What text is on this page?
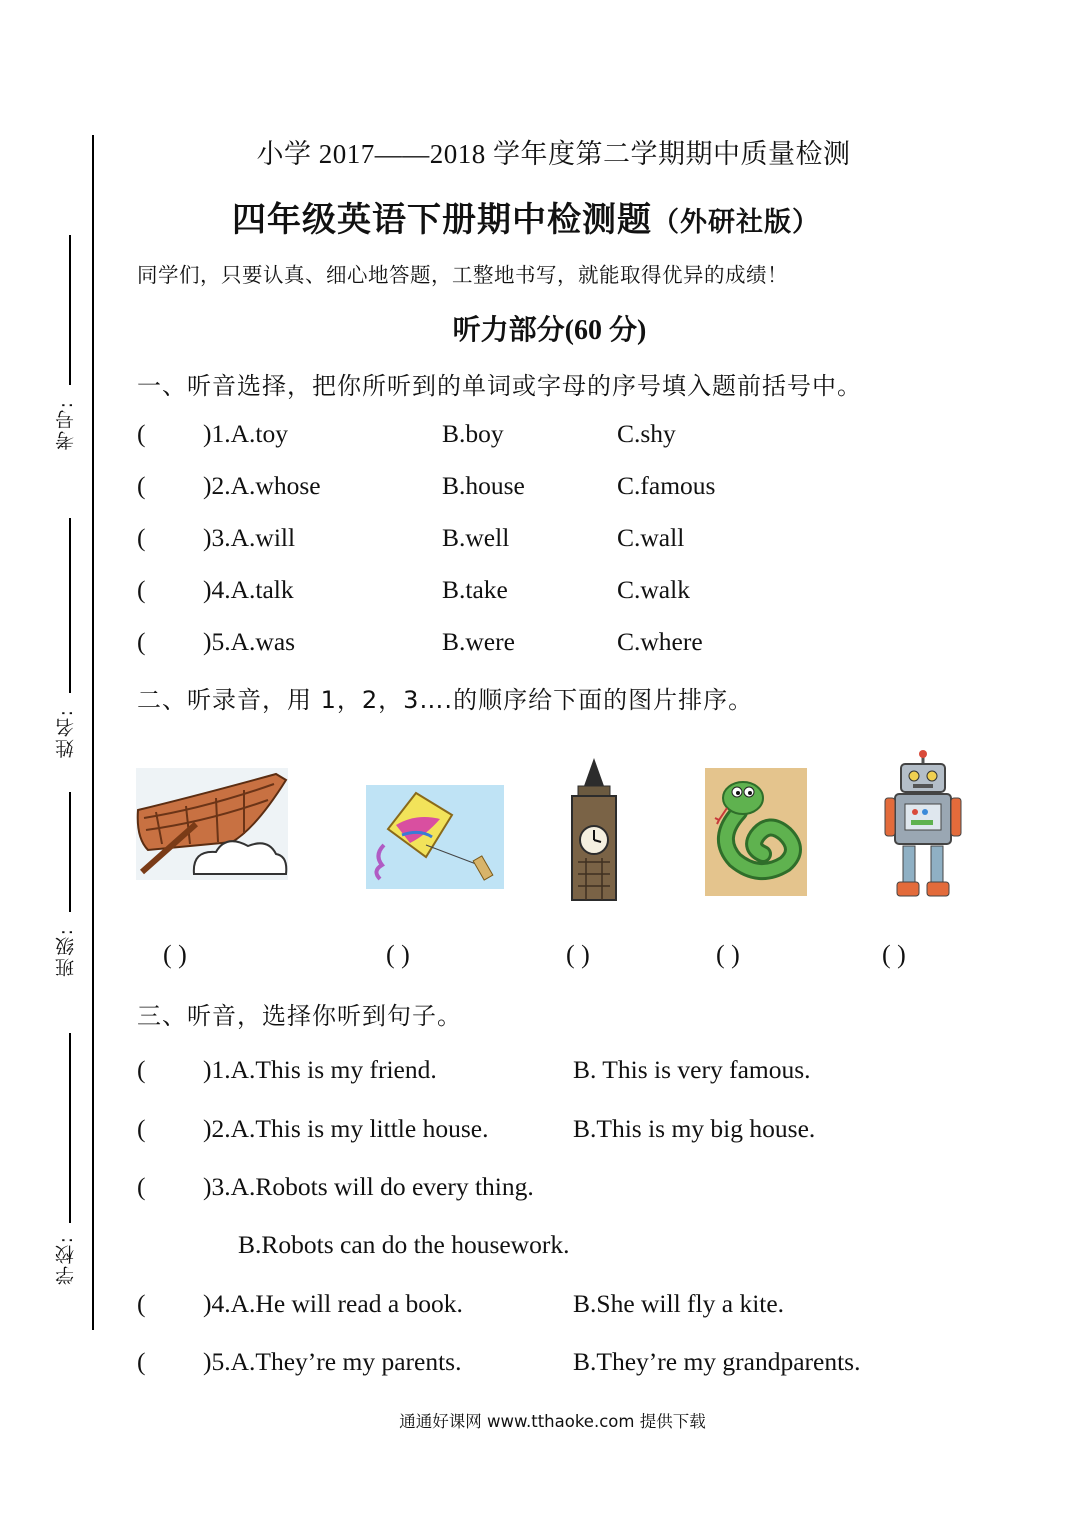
考号:
姓名:
班级:
学校:
小学 2017——2018 学年度第二学期期中质量检测
四年级英语下册期中检测题（外研社版）
同学们，只要认真、细心地答题，工整地书写，就能取得优异的成绩！
听力部分(60 分)
一、听音选择，把你所听到的单词或字母的序号填入题前括号中。
( )1.A.toy	B.boy	C.shy
( )2.A.whose	B.house	C.famous
( )3.A.will	B.well	C.wall
( )4.A.talk	B.take	C.walk
( )5.A.was	B.were	C.where
二、听录音，用 1，2，3….的顺序给下面的图片排序。
( )	( )	( )	( )	( )
三、听音，选择你听到句子。
( )1.A.This is my friend.	B. This is very famous.
( )2.A.This is my little house.	B.This is my big house.
( )3.A.Robots will do every thing.
B.Robots can do the housework.
( )4.A.He will read a book.	B.She will fly a kite.
( )5.A.They’re my parents.	B.They’re my grandparents.
通通好课网 www.tthaoke.com 提供下载
